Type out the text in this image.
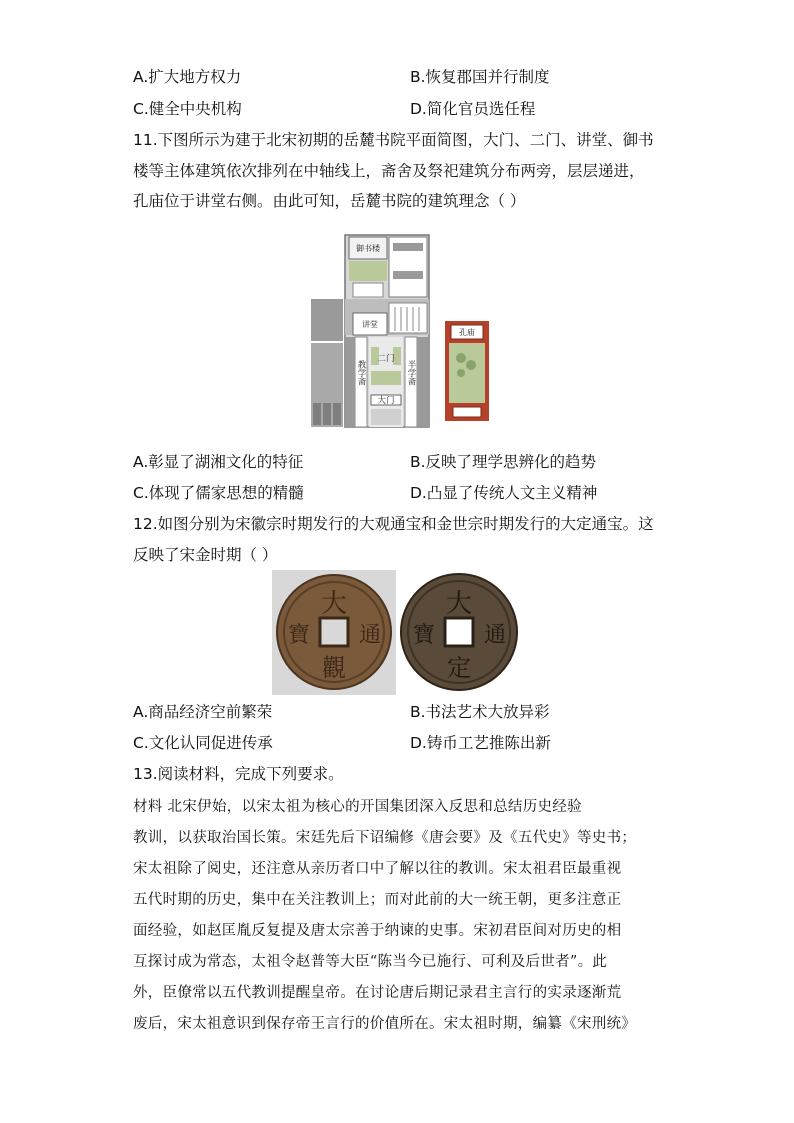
A.扩大地方权力	B.恢复郡国并行制度
C.健全中央机构	D.简化官员选任程
11.下图所示为建于北宋初期的岳麓书院平面简图，大门、二门、讲堂、御书
楼等主体建筑依次排列在中轴线上，斋舍及祭祀建筑分布两旁，层层递进，
孔庙位于讲堂右侧。由此可知，岳麓书院的建筑理念（ ）
御书楼
讲堂
二门
大门
教学斋	半学斋
孔庙
A.彰显了湖湘文化的特征	B.反映了理学思辨化的趋势
C.体现了儒家思想的精髓	D.凸显了传统人文主义精神
12.如图分别为宋徽宗时期发行的大观通宝和金世宗时期发行的大定通宝。这
反映了宋金时期（ ）
大
通
觀
寶
大
通
定
寶
A.商品经济空前繁荣	B.书法艺术大放异彩
C.文化认同促进传承	D.铸币工艺推陈出新
13.阅读材料，完成下列要求。
材料 北宋伊始，以宋太祖为核心的开国集团深入反思和总结历史经验
教训，以获取治国长策。宋廷先后下诏编修《唐会要》及《五代史》等史书；
宋太祖除了阅史，还注意从亲历者口中了解以往的教训。宋太祖君臣最重视
五代时期的历史，集中在关注教训上；而对此前的大一统王朝，更多注意正
面经验，如赵匡胤反复提及唐太宗善于纳谏的史事。宋初君臣间对历史的相
互探讨成为常态，太祖令赵普等大臣“陈当今已施行、可利及后世者”。此
外，臣僚常以五代教训提醒皇帝。在讨论唐后期记录君主言行的实录逐渐荒
废后，宋太祖意识到保存帝王言行的价值所在。宋太祖时期，编纂《宋刑统》
